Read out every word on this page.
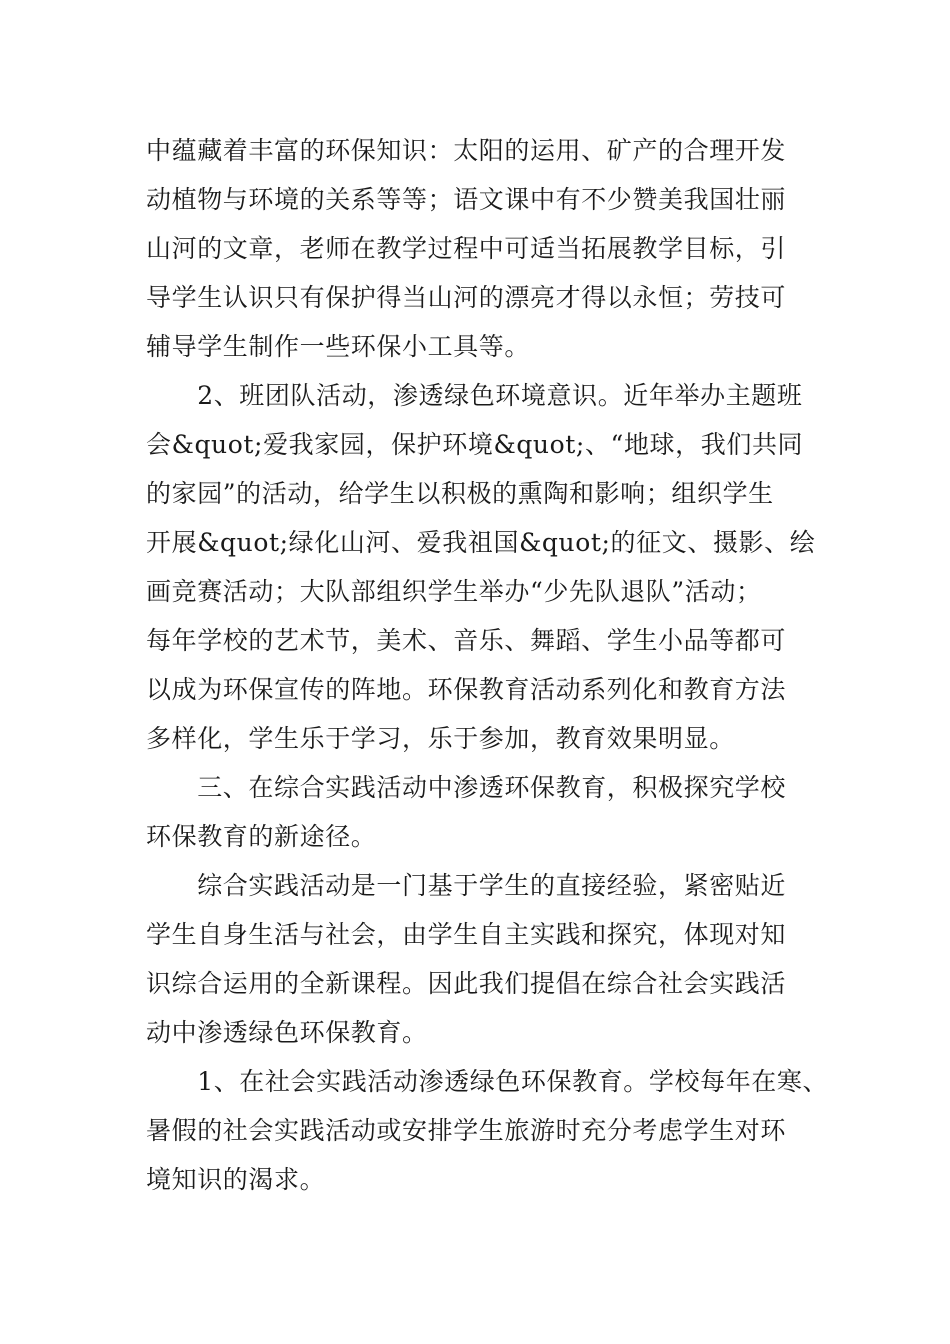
中蕴藏着丰富的环保知识：太阳的运用、矿产的合理开发
动植物与环境的关系等等；语文课中有不少赞美我国壮丽
山河的文章，老师在教学过程中可适当拓展教学目标，引
导学生认识只有保护得当山河的漂亮才得以永恒；劳技可
辅导学生制作一些环保小工具等。
　　2、班团队活动，渗透绿色环境意识。近年举办主题班
会&quot;爱我家园，保护环境&quot;、“地球，我们共同
的家园”的活动，给学生以积极的熏陶和影响；组织学生
开展&quot;绿化山河、爱我祖国&quot;的征文、摄影、绘
画竞赛活动；大队部组织学生举办“少先队退队”活动；
每年学校的艺术节，美术、音乐、舞蹈、学生小品等都可
以成为环保宣传的阵地。环保教育活动系列化和教育方法
多样化，学生乐于学习，乐于参加，教育效果明显。
　　三、在综合实践活动中渗透环保教育，积极探究学校
环保教育的新途径。
　　综合实践活动是一门基于学生的直接经验，紧密贴近
学生自身生活与社会，由学生自主实践和探究，体现对知
识综合运用的全新课程。因此我们提倡在综合社会实践活
动中渗透绿色环保教育。
　　1、在社会实践活动渗透绿色环保教育。学校每年在寒、
暑假的社会实践活动或安排学生旅游时充分考虑学生对环
境知识的渴求。
